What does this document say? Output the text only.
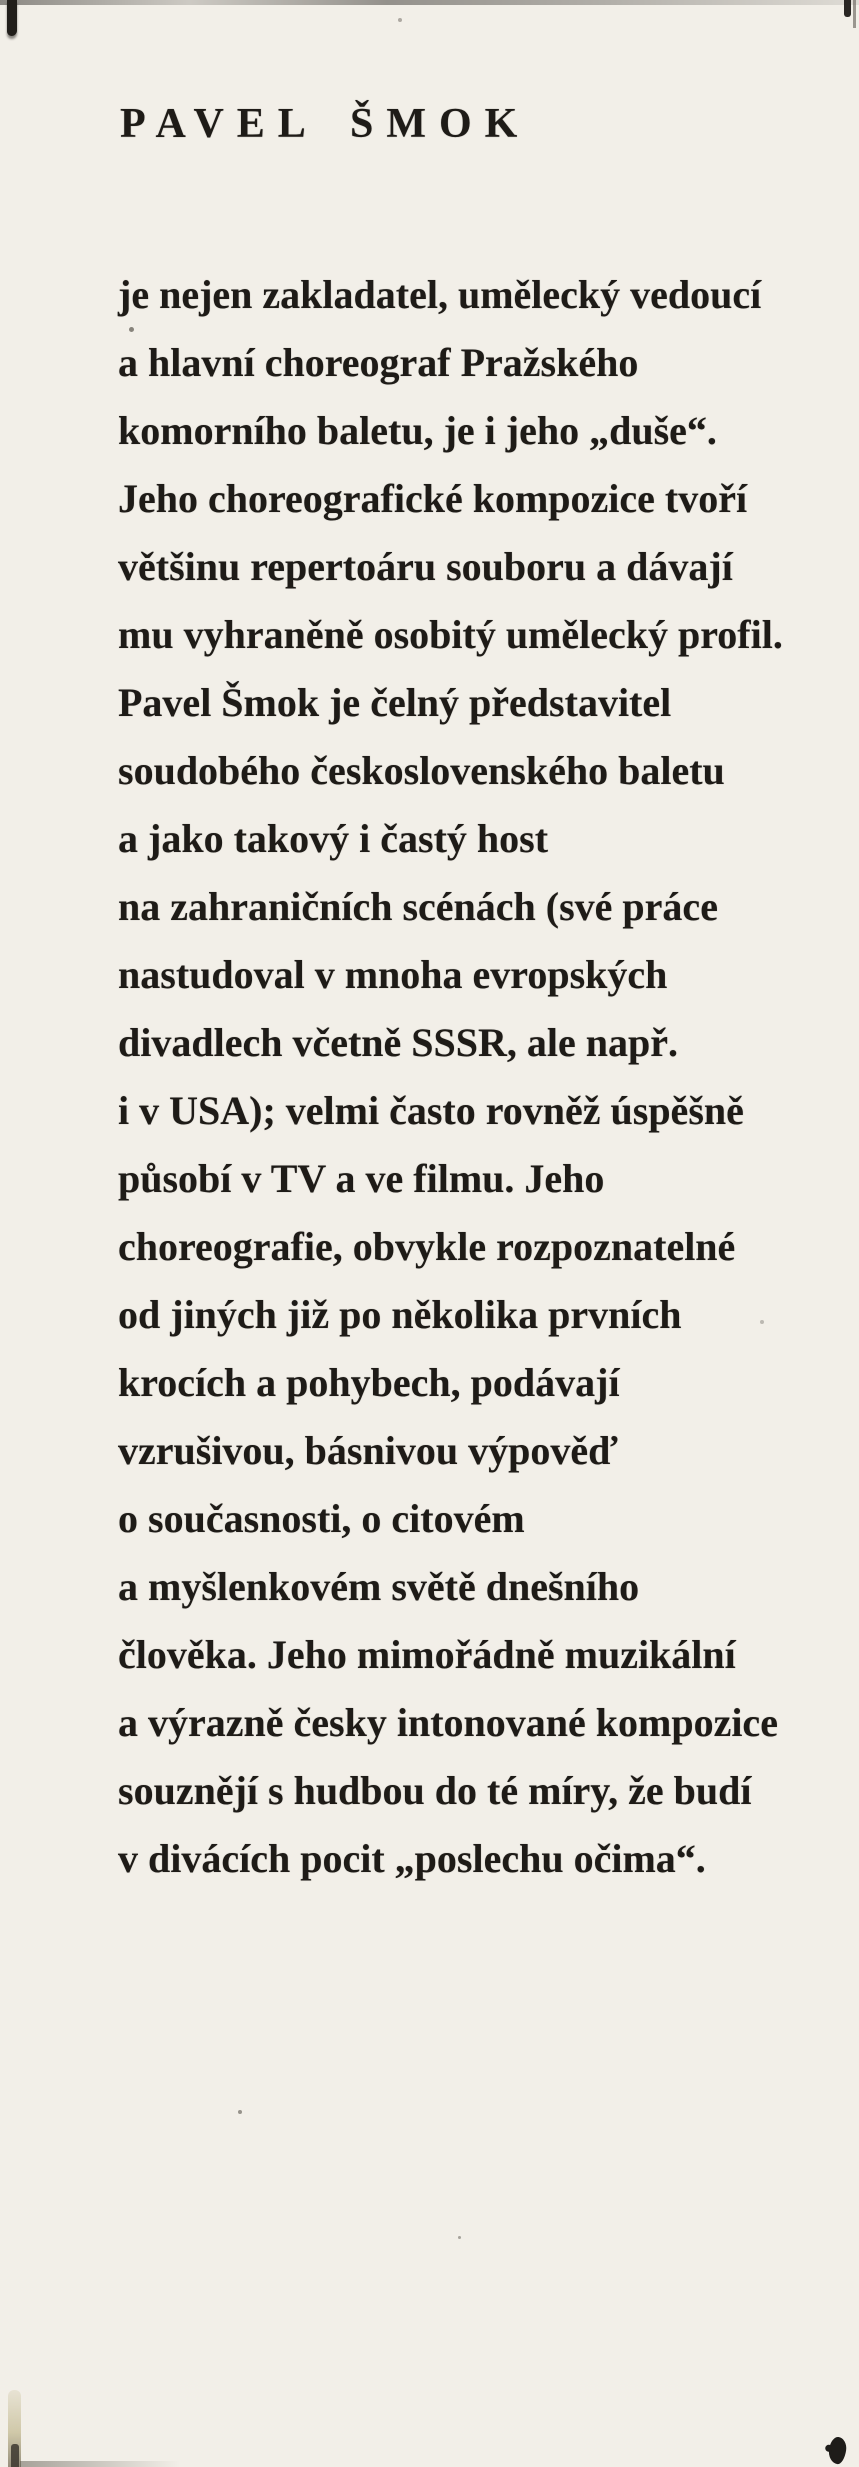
PAVEL ŠMOK
je nejen zakladatel, umělecký vedoucí
a hlavní choreograf Pražského
komorního baletu, je i jeho „duše“.
Jeho choreografické kompozice tvoří
většinu repertoáru souboru a dávají
mu vyhraněně osobitý umělecký profil.
Pavel Šmok je čelný představitel
soudobého československého baletu
a jako takový i častý host
na zahraničních scénách (své práce
nastudoval v mnoha evropských
divadlech včetně SSSR, ale např.
i v USA); velmi často rovněž úspěšně
působí v TV a ve filmu. Jeho
choreografie, obvykle rozpoznatelné
od jiných již po několika prvních
krocích a pohybech, podávají
vzrušivou, básnivou výpověď
o současnosti, o citovém
a myšlenkovém světě dnešního
člověka. Jeho mimořádně muzikální
a výrazně česky intonované kompozice
souznějí s hudbou do té míry, že budí
v divácích pocit „poslechu očima“.
